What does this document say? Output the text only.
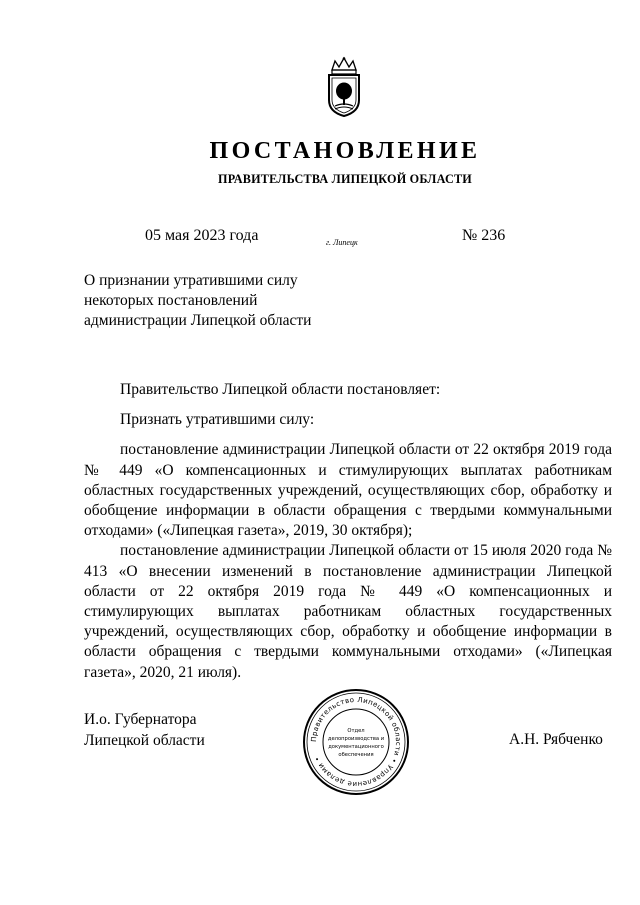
ПОСТАНОВЛЕНИЕ
ПРАВИТЕЛЬСТВА ЛИПЕЦКОЙ ОБЛАСТИ
05 мая 2023 года	г. Липецк	№ 236
О признании утратившими силу
некоторых постановлений
администрации Липецкой области

Правительство Липецкой области постановляет:

Признать утратившими силу:

постановление администрации Липецкой области от 22 октября 2019 года № 449 «О компенсационных и стимулирующих выплатах работникам областных государственных учреждений, осуществляющих сбор, обработку и обобщение информации в области обращения с твердыми коммунальными отходами» («Липецкая газета», 2019, 30 октября);

постановление администрации Липецкой области от 15 июля 2020 года № 413 «О внесении изменений в постановление администрации Липецкой области от 22 октября 2019 года № 449 «О компенсационных и стимулирующих выплатах работникам областных государственных учреждений, осуществляющих сбор, обработку и обобщение информации в области обращения с твердыми коммунальными отходами» («Липецкая газета», 2020, 21 июля).

И.о. Губернатора
Липецкой области	Правительство Липецкой области • Управление делами •
Отдел
делопроизводства и
документационного
обеспечения
А.Н. Рябченко
